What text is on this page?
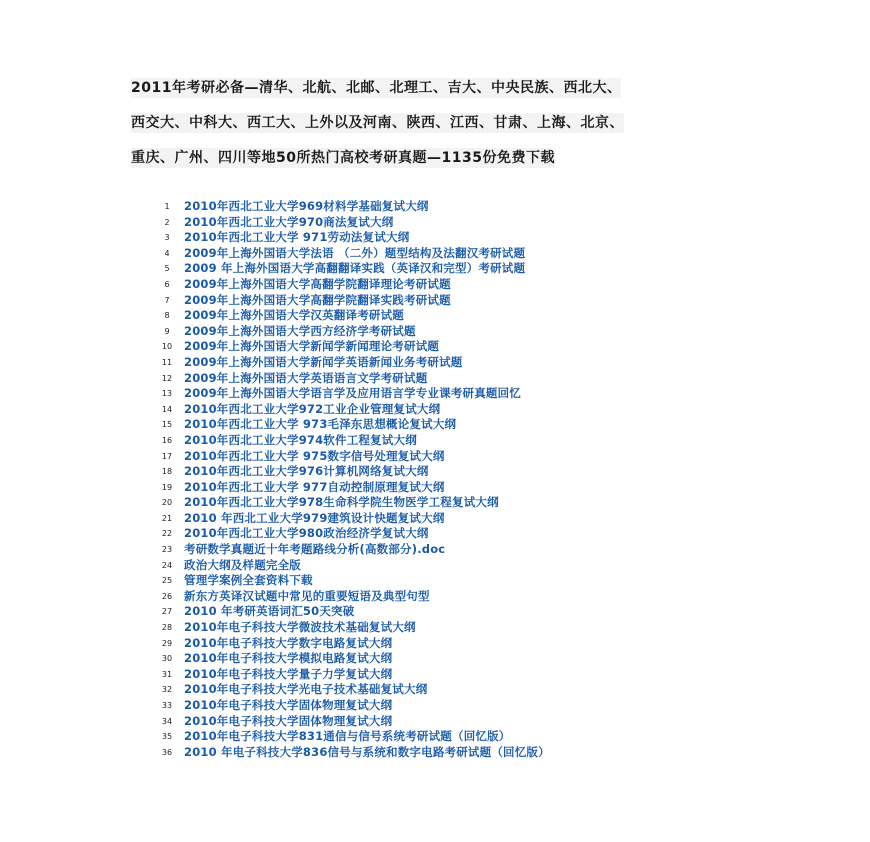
2011年考研必备—清华、北航、北邮、北理工、吉大、中央民族、西北大、
西交大、中科大、西工大、上外以及河南、陕西、江西、甘肃、上海、北京、
重庆、广州、四川等地50所热门高校考研真题—1135份免费下载
1	2010年西北工业大学969材料学基础复试大纲
2	2010年西北工业大学970商法复试大纲
3	2010年西北工业大学 971劳动法复试大纲
4	2009年上海外国语大学法语 （二外）题型结构及法翻汉考研试题
5	2009 年上海外国语大学高翻翻译实践（英译汉和完型）考研试题
6	2009年上海外国语大学高翻学院翻译理论考研试题
7	2009年上海外国语大学高翻学院翻译实践考研试题
8	2009年上海外国语大学汉英翻译考研试题
9	2009年上海外国语大学西方经济学考研试题
10	2009年上海外国语大学新闻学新闻理论考研试题
11	2009年上海外国语大学新闻学英语新闻业务考研试题
12	2009年上海外国语大学英语语言文学考研试题
13	2009年上海外国语大学语言学及应用语言学专业课考研真题回忆
14	2010年西北工业大学972工业企业管理复试大纲
15	2010年西北工业大学 973毛泽东思想概论复试大纲
16	2010年西北工业大学974软件工程复试大纲
17	2010年西北工业大学 975数字信号处理复试大纲
18	2010年西北工业大学976计算机网络复试大纲
19	2010年西北工业大学 977自动控制原理复试大纲
20	2010年西北工业大学978生命科学院生物医学工程复试大纲
21	2010 年西北工业大学979建筑设计快题复试大纲
22	2010年西北工业大学980政治经济学复试大纲
23	考研数学真题近十年考题路线分析(高数部分).doc
24	政治大纲及样题完全版
25	管理学案例全套资料下载
26	新东方英译汉试题中常见的重要短语及典型句型
27	2010 年考研英语词汇50天突破
28	2010年电子科技大学微波技术基础复试大纲
29	2010年电子科技大学数字电路复试大纲
30	2010年电子科技大学模拟电路复试大纲
31	2010年电子科技大学量子力学复试大纲
32	2010年电子科技大学光电子技术基础复试大纲
33	2010年电子科技大学固体物理复试大纲
34	2010年电子科技大学固体物理复试大纲
35	2010年电子科技大学831通信与信号系统考研试题（回忆版）
36	2010 年电子科技大学836信号与系统和数字电路考研试题（回忆版）
